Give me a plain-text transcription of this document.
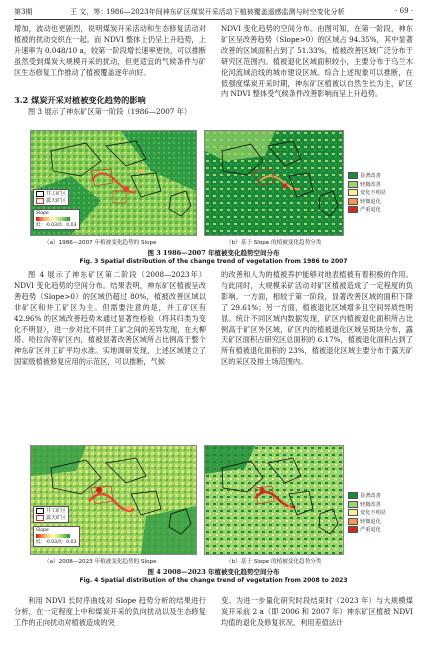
第3期	王 文，等：
1986—2023年间神东矿区煤炭开采活动下植被覆盖遥感监测与时空变化分析	· 69 ·

增加，波动也更剧烈，说明煤炭开采活动和生态修复活动对植被的扰动交织在一起。而 NDVI 整体上仍呈上升趋势，上升速率为 0.048/10 a，较第一阶段增长速率更快，可以推断虽然受到煤炭大规模开采的扰动，但更适宜的气候条件与矿区生态修复工作推动了植被覆盖逐年向好。

3.2 煤炭开采对植被变化趋势的影响

图 3 展示了神东矿区第一阶段（1986—2007 年）

NDVI 变化趋势的空间分布。由图可知，在第一阶段，神东矿区呈改善趋势（Slope>0）的区域占 94.35%，其中显著改善的区域面积占到了 51.33%，植被改善区域广泛分布于研究区范围内。植被退化区域面积较小，主要分布于乌兰木伦河流域沿线的城市建设区域。综合上述现象可以推断，在低强度煤炭开采时期，神东矿区植被以自然生长为主，矿区内 NDVI 整体受气候条件改善影响而呈上升趋势。

井工矿区
露天矿区
Slope
低：-0.03 高：0.03
显著改善
轻微改善
变化不明显
轻微退化
严重退化
（a）1986—2007 年植被变化趋势的 Slope	（b）基于 Slope 的植被变化趋势分类
图 3 1986—2007 年植被变化趋势空间分布
Fig. 3 Spatial distribution of the change trend of vegetation from 1986 to 2007

图 4 展示了神东矿区第二阶段（2008—2023年）NDVI 变化趋势的空间分布。结果表明，神东矿区植被呈改善趋势（Slope>0）的区域仍超过 80%，植被改善区域以非矿区和井工矿区为主。但需要注意的是，井工矿区有 42.96% 的区域改善趋势未通过显著性检验（将其归类为变化不明显），进一步对比不同井工矿之间的差异发现，在大柳塔、哈拉沟等矿区内，植被显著改善区域所占比例高于整个神东矿区井工矿平均水准。实地调研发现，上述区域建立了国家级植被修复应用的示范区，可以推断，气候

的改善和人为的植被养护能够对地表植被有着积极的作用。与此同时，大规模采矿活动对矿区植被造成了一定程度的负影响。一方面，相较于第一阶段，显著改善区域的面积下降了 29.61%；另一方面，植被退化区域增多且空间异质性明显。统计不同区域内数据发现，矿区内植被退化面积所占比例高于矿区外区域，矿区内的植被退化区域呈斑块分布，露天矿区面积占研究区总面积的 6.17%，植被退化面积占到了所有植被退化面积的 23%，植被退化区域主要分布于露天矿区的采区及排土场范围内。

井工矿区
露天矿区
Slope
低：-0.03 高：0.03
显著改善
轻微改善
变化不明显
轻微退化
严重退化
（a）2008—2023 年植被变化趋势的 Slope	（b）基于 Slope 的植被变化趋势分类
图 4 2008—2023 年植被变化趋势空间分布
Fig. 4 Spatial distribution of the change trend of vegetation from 2008 to 2023

利用 NDVI 长时序曲线对 Slope 趋势分析的结果进行分析，在一定程度上中和煤炭开采的负向扰动以及生态修复工作的正向扰动对植被造成的突

变。为进一步量化研究时段结束时（2023 年）与大规模煤炭开采前 2 a（即 2006 和 2007 年）神东矿区植被 NDVI 均值的退化及修复状况，利用差值法计
